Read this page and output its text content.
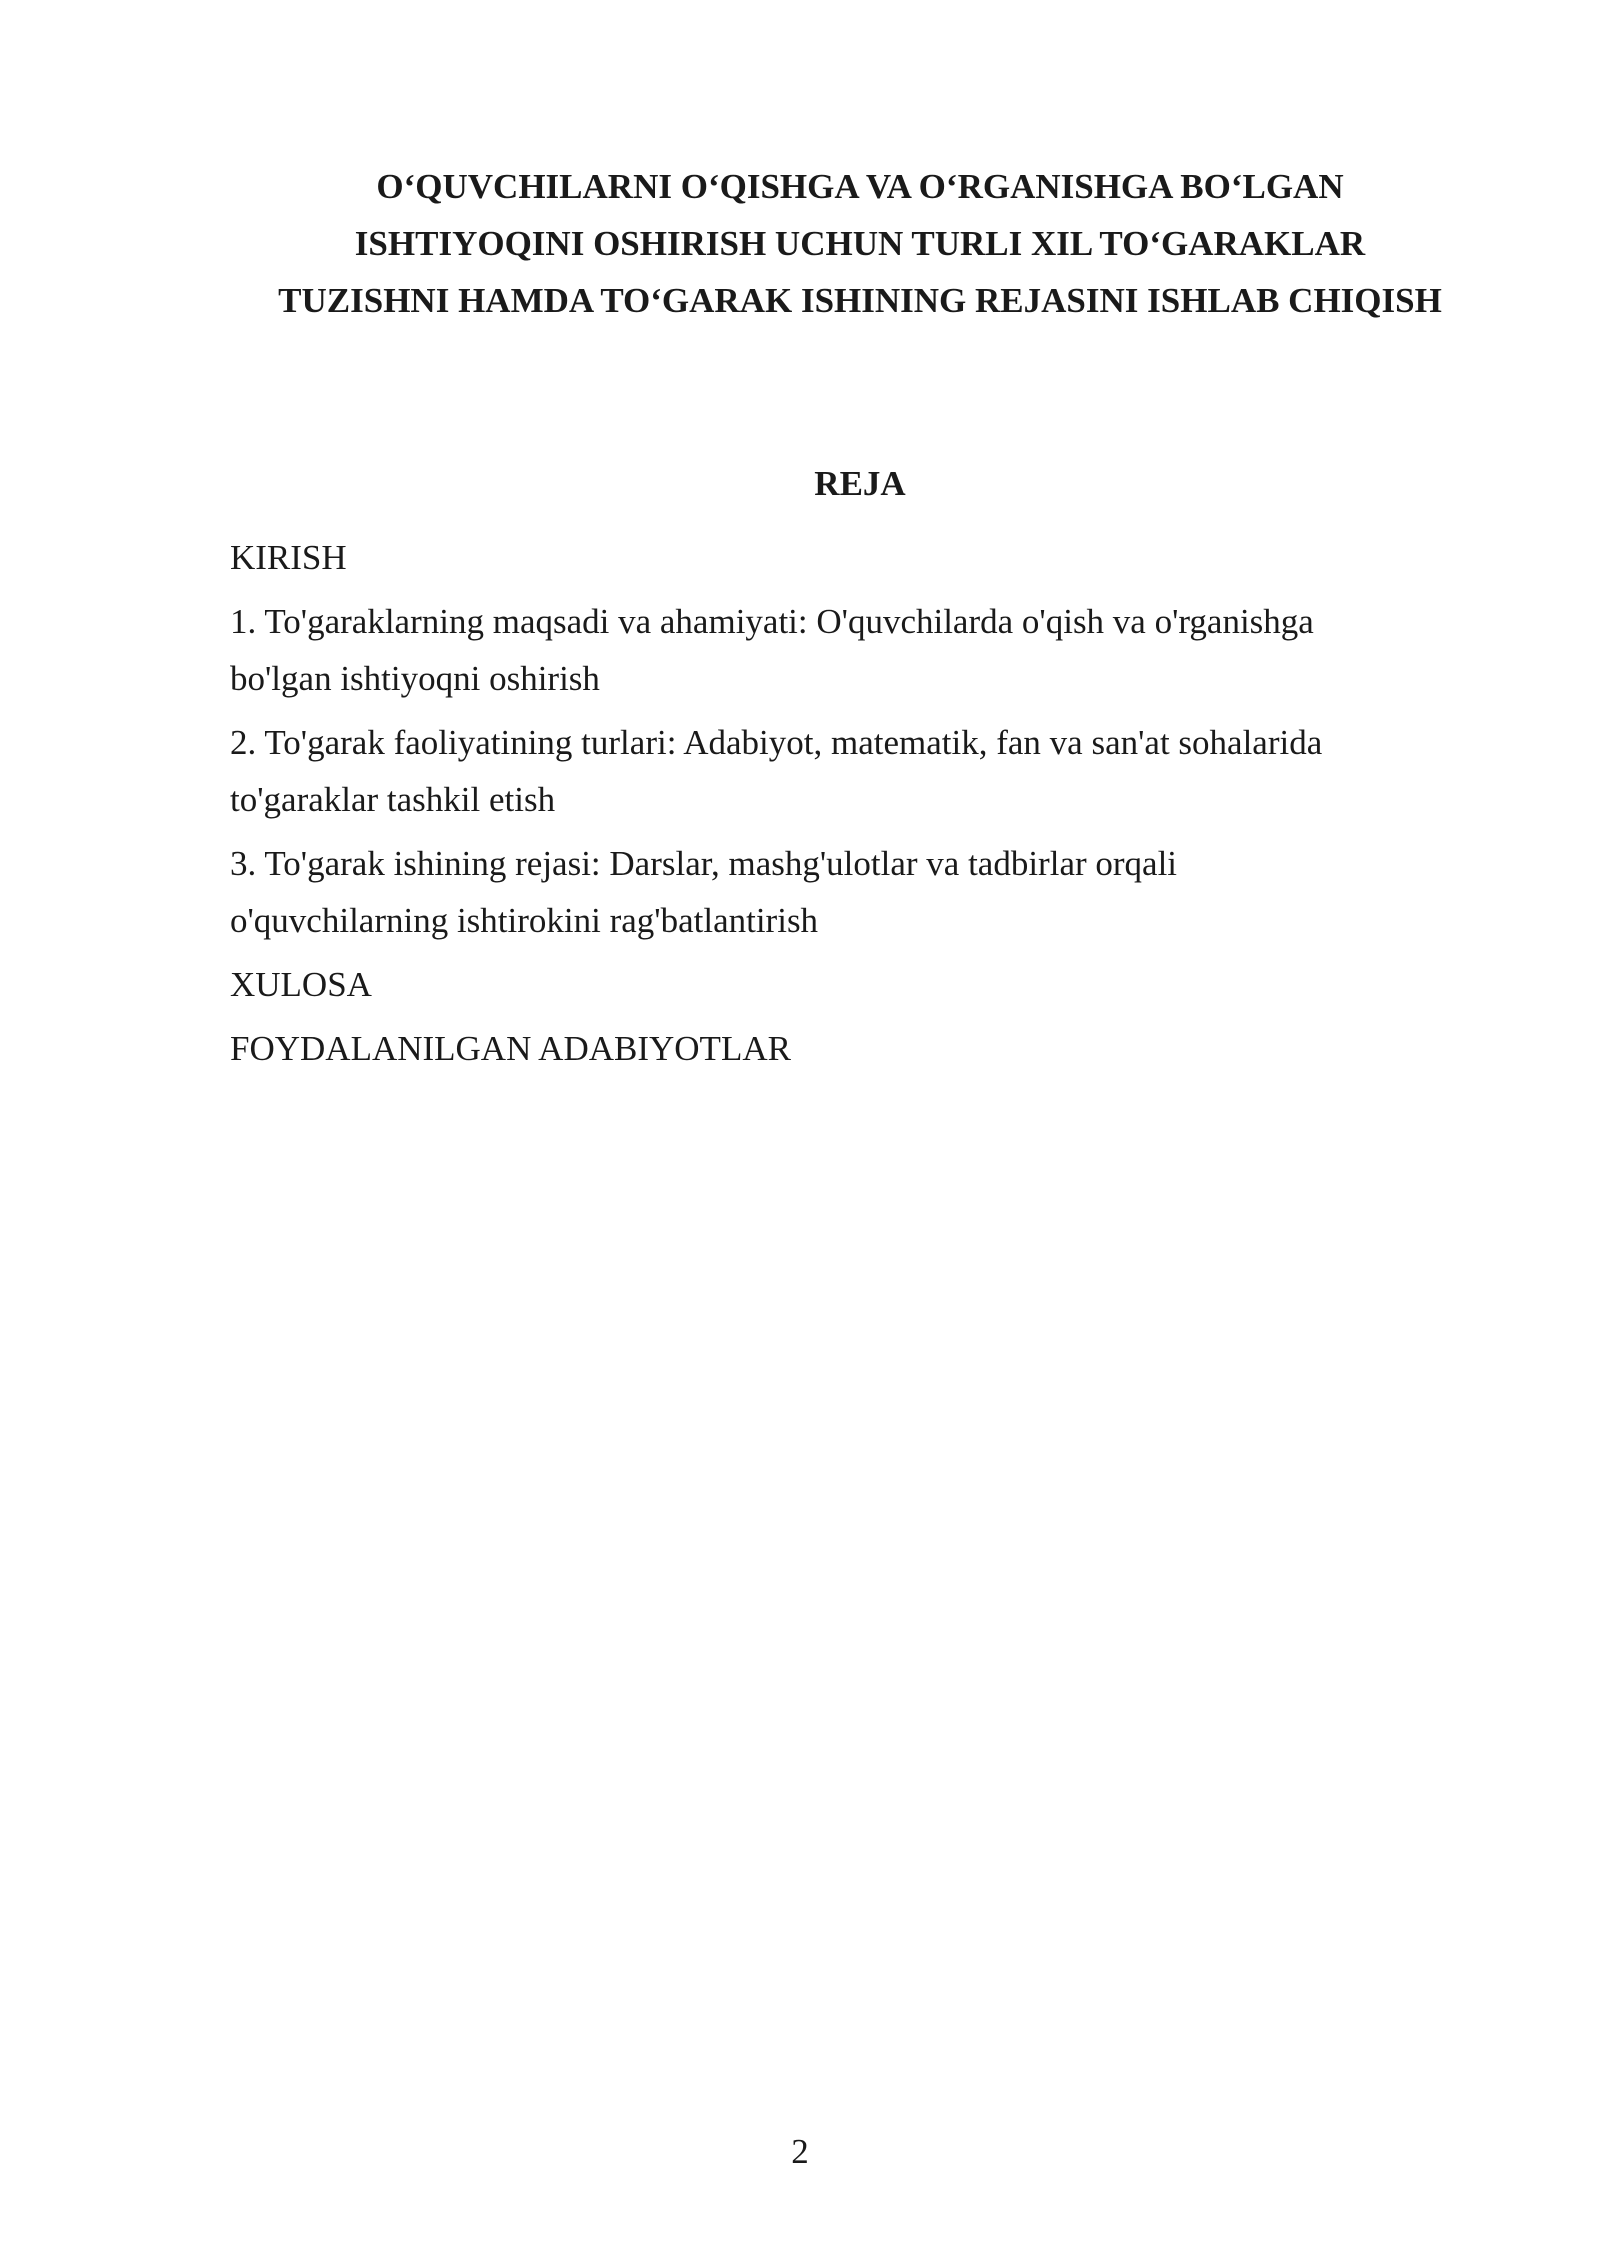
O‘QUVCHILARNI O‘QISHGA VA O‘RGANISHGA BO‘LGAN
ISHTIYOQINI OSHIRISH UCHUN TURLI XIL TO‘GARAKLAR
TUZISHNI HAMDA TO‘GARAK ISHINING REJASINI ISHLAB CHIQISH
REJA
KIRISH
1. To'garaklarning maqsadi va ahamiyati: O'quvchilarda o'qish va o'rganishga
bo'lgan ishtiyoqni oshirish
2. To'garak faoliyatining turlari: Adabiyot, matematik, fan va san'at sohalarida
to'garaklar tashkil etish
3. To'garak ishining rejasi: Darslar, mashg'ulotlar va tadbirlar orqali
o'quvchilarning ishtirokini rag'batlantirish
XULOSA
FOYDALANILGAN ADABIYOTLAR
2
